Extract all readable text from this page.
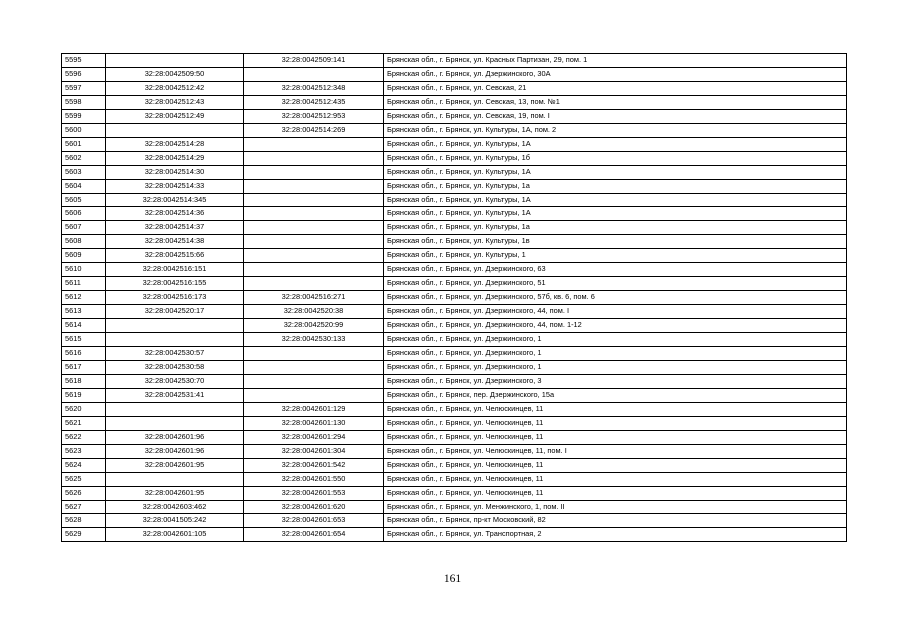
5595		32:28:0042509:141	Брянская обл., г. Брянск, ул. Красных Партизан, 29, пом. 1
5596	32:28:0042509:50		Брянская обл., г. Брянск, ул. Дзержинского, 30А
5597	32:28:0042512:42	32:28:0042512:348	Брянская обл., г. Брянск, ул. Севская, 21
5598	32:28:0042512:43	32:28:0042512:435	Брянская обл., г. Брянск, ул. Севская, 13, пом. №1
5599	32:28:0042512:49	32:28:0042512:953	Брянская обл., г. Брянск, ул. Севская, 19, пом. I
5600		32:28:0042514:269	Брянская обл., г. Брянск, ул. Культуры, 1А, пом. 2
5601	32:28:0042514:28		Брянская обл., г. Брянск, ул. Культуры, 1А
5602	32:28:0042514:29		Брянская обл., г. Брянск, ул. Культуры, 1б
5603	32:28:0042514:30		Брянская обл., г. Брянск, ул. Культуры, 1А
5604	32:28:0042514:33		Брянская обл., г. Брянск, ул. Культуры, 1а
5605	32:28:0042514:345		Брянская обл., г. Брянск, ул. Культуры, 1А
5606	32:28:0042514:36		Брянская обл., г. Брянск, ул. Культуры, 1А
5607	32:28:0042514:37		Брянская обл., г. Брянск, ул. Культуры, 1а
5608	32:28:0042514:38		Брянская обл., г. Брянск, ул. Культуры, 1в
5609	32:28:0042515:66		Брянская обл., г. Брянск, ул. Культуры, 1
5610	32:28:0042516:151		Брянская обл., г. Брянск, ул. Дзержинского, 63
5611	32:28:0042516:155		Брянская обл., г. Брянск, ул. Дзержинского, 51
5612	32:28:0042516:173	32:28:0042516:271	Брянская обл., г. Брянск, ул. Дзержинского, 57б, кв. 6, пом. 6
5613	32:28:0042520:17	32:28:0042520:38	Брянская обл., г. Брянск, ул. Дзержинского, 44, пом. I
5614		32:28:0042520:99	Брянская обл., г. Брянск, ул. Дзержинского, 44, пом. 1-12
5615		32:28:0042530:133	Брянская обл., г. Брянск, ул. Дзержинского, 1
5616	32:28:0042530:57		Брянская обл., г. Брянск, ул. Дзержинского, 1
5617	32:28:0042530:58		Брянская обл., г. Брянск, ул. Дзержинского, 1
5618	32:28:0042530:70		Брянская обл., г. Брянск, ул. Дзержинского, 3
5619	32:28:0042531:41		Брянская обл., г. Брянск, пер. Дзержинского, 15а
5620		32:28:0042601:129	Брянская обл., г. Брянск, ул. Челюскинцев, 11
5621		32:28:0042601:130	Брянская обл., г. Брянск, ул. Челюскинцев, 11
5622	32:28:0042601:96	32:28:0042601:294	Брянская обл., г. Брянск, ул. Челюскинцев, 11
5623	32:28:0042601:96	32:28:0042601:304	Брянская обл., г. Брянск, ул. Челюскинцев, 11, пом. I
5624	32:28:0042601:95	32:28:0042601:542	Брянская обл., г. Брянск, ул. Челюскинцев, 11
5625		32:28:0042601:550	Брянская обл., г. Брянск, ул. Челюскинцев, 11
5626	32:28:0042601:95	32:28:0042601:553	Брянская обл., г. Брянск, ул. Челюскинцев, 11
5627	32:28:0042603:462	32:28:0042601:620	Брянская обл., г. Брянск, ул. Менжинского, 1, пом. II
5628	32:28:0041505:242	32:28:0042601:653	Брянская обл., г. Брянск, пр-кт Московский, 82
5629	32:28:0042601:105	32:28:0042601:654	Брянская обл., г. Брянск, ул. Транспортная, 2
161
